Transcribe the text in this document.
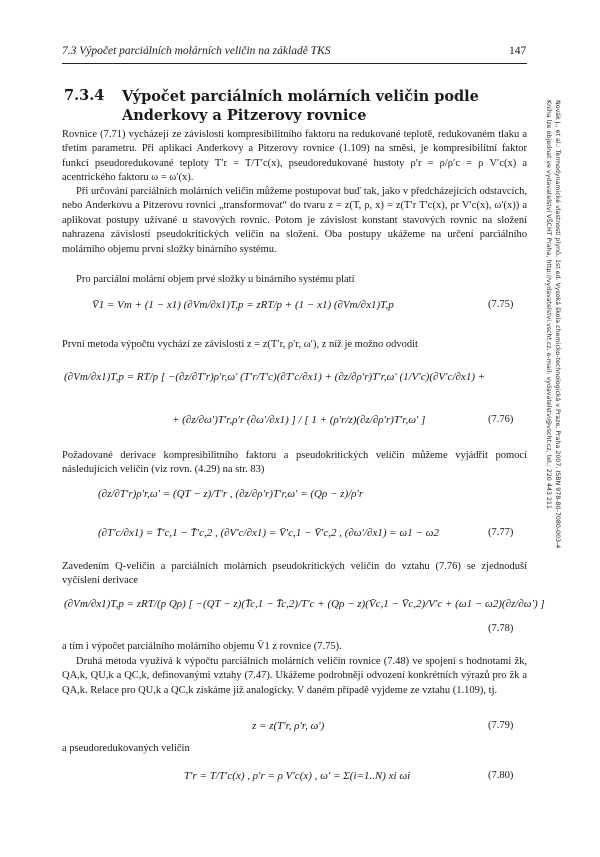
7.3 Výpočet parciálních molárních veličin na základě TKS	147
7.3.4 Výpočet parciálních molárních veličin podle Anderkovy a Pitzerovy rovnice
Rovnice (7.71) vycházejí ze závislosti kompresibilitního faktoru na redukované teplotě, redukovaném tlaku a třetím parametru. Při aplikaci Anderkovy a Pitzerovy rovnice (1.109) na směsi, je kompresibilitní faktor funkcí pseudoredukované teploty T′r = T/T′c(x), pseudoredukované hustoty ρ′r = ρ/ρ′c = ρ V′c(x) a acentrického faktoru ω = ω′(x).
Při určování parciálních molárních veličin můžeme postupovat buď tak, jako v předcházejících odstavcích, nebo Anderkovu a Pitzerovu rovnici „transformovat“ do tvaru z = z(T, ρ, x) = z(T′r T′c(x), ρr V′c(x), ω′(x)) a aplikovat postupy užívané u stavových rovnic. Potom je závislost konstant stavových rovnic na složení nahrazena závislostí pseudokritických veličin na složení. Oba postupy ukážeme na určení parciálního molárního objemu první složky binárního systému.
Pro parciální molární objem prvé složky u binárního systému platí
V̄1 = Vm + (1 − x1) (∂Vm/∂x1)T,p = zRT/p + (1 − x1) (∂Vm/∂x1)T,p	(7.75)
První metoda výpočtu vychází ze závislosti z = z(T′r, ρ′r, ω′), z níž je možno odvodit
(∂Vm/∂x1)T,p = RT/p [ −(∂z/∂T′r)ρ′r,ω′ (T′r/T′c)(∂T′c/∂x1) + (∂z/∂ρ′r)T′r,ω′ (1/V′c)(∂V′c/∂x1) +
+ (∂z/∂ω′)T′r,ρ′r (∂ω′/∂x1) ] / [ 1 + (ρ′r/z)(∂z/∂ρ′r)T′r,ω′ ]	(7.76)
Požadované derivace kompresibilitního faktoru a pseudokritických veličin můžeme vyjádřit pomocí následujících veličin (viz rovn. (4.29) na str. 83)
(∂z/∂T′r)ρ′r,ω′ = (QT − z)/T′r , (∂z/∂ρ′r)T′r,ω′ = (Qρ − z)/ρ′r
(∂T′c/∂x1) = T̄′c,1 − T̄′c,2 , (∂V′c/∂x1) = V̄′c,1 − V̄′c,2 , (∂ω′/∂x1) = ω1 − ω2	(7.77)
Zavedením Q-veličin a parciálních molárních pseudokritických veličin do vztahu (7.76) se zjednoduší vyčíslení derivace
(∂Vm/∂x1)T,p = zRT/(p Qρ) [ −(QT − z)(T̄c,1 − T̄c,2)/T′c + (Qρ − z)(V̄c,1 − V̄c,2)/V′c + (ω1 − ω2)(∂z/∂ω′) ]
(7.78)
a tím i výpočet parciálního molárního objemu V̄1 z rovnice (7.75).
Druhá metoda využívá k výpočtu parciálních molárních veličin rovnice (7.48) ve spojení s hodnotami z̃k, QA,k, QU,k a QC,k, definovanými vztahy (7.47). Ukážeme podrobněji odvození konkrétních výrazů pro z̃k a QA,k. Relace pro QU,k a QC,k získáme již analogicky. V daném případě vyjdeme ze vztahu (1.109), tj.
z = z(T′r, ρ′r, ω′)	(7.79)
a pseudoredukovaných veličin
T′r = T/T′c(x) , ρ′r = ρ V′c(x) , ω′ = Σ(i=1..N) xi ωi	(7.80)
Novák J., et al.: Termodynamické vlastnosti plynů. 1st ed. Vysoká škola chemicko-technologická v Praze, Praha 2007. ISBN 978-80-7080-003-4
Kniha lze objednat ve vydavatelství VŠCHT Praha, http://vydavatelstvi.vscht.cz, e-mail: vydavatelstvi@vscht.cz, tel.: 220 443 211
